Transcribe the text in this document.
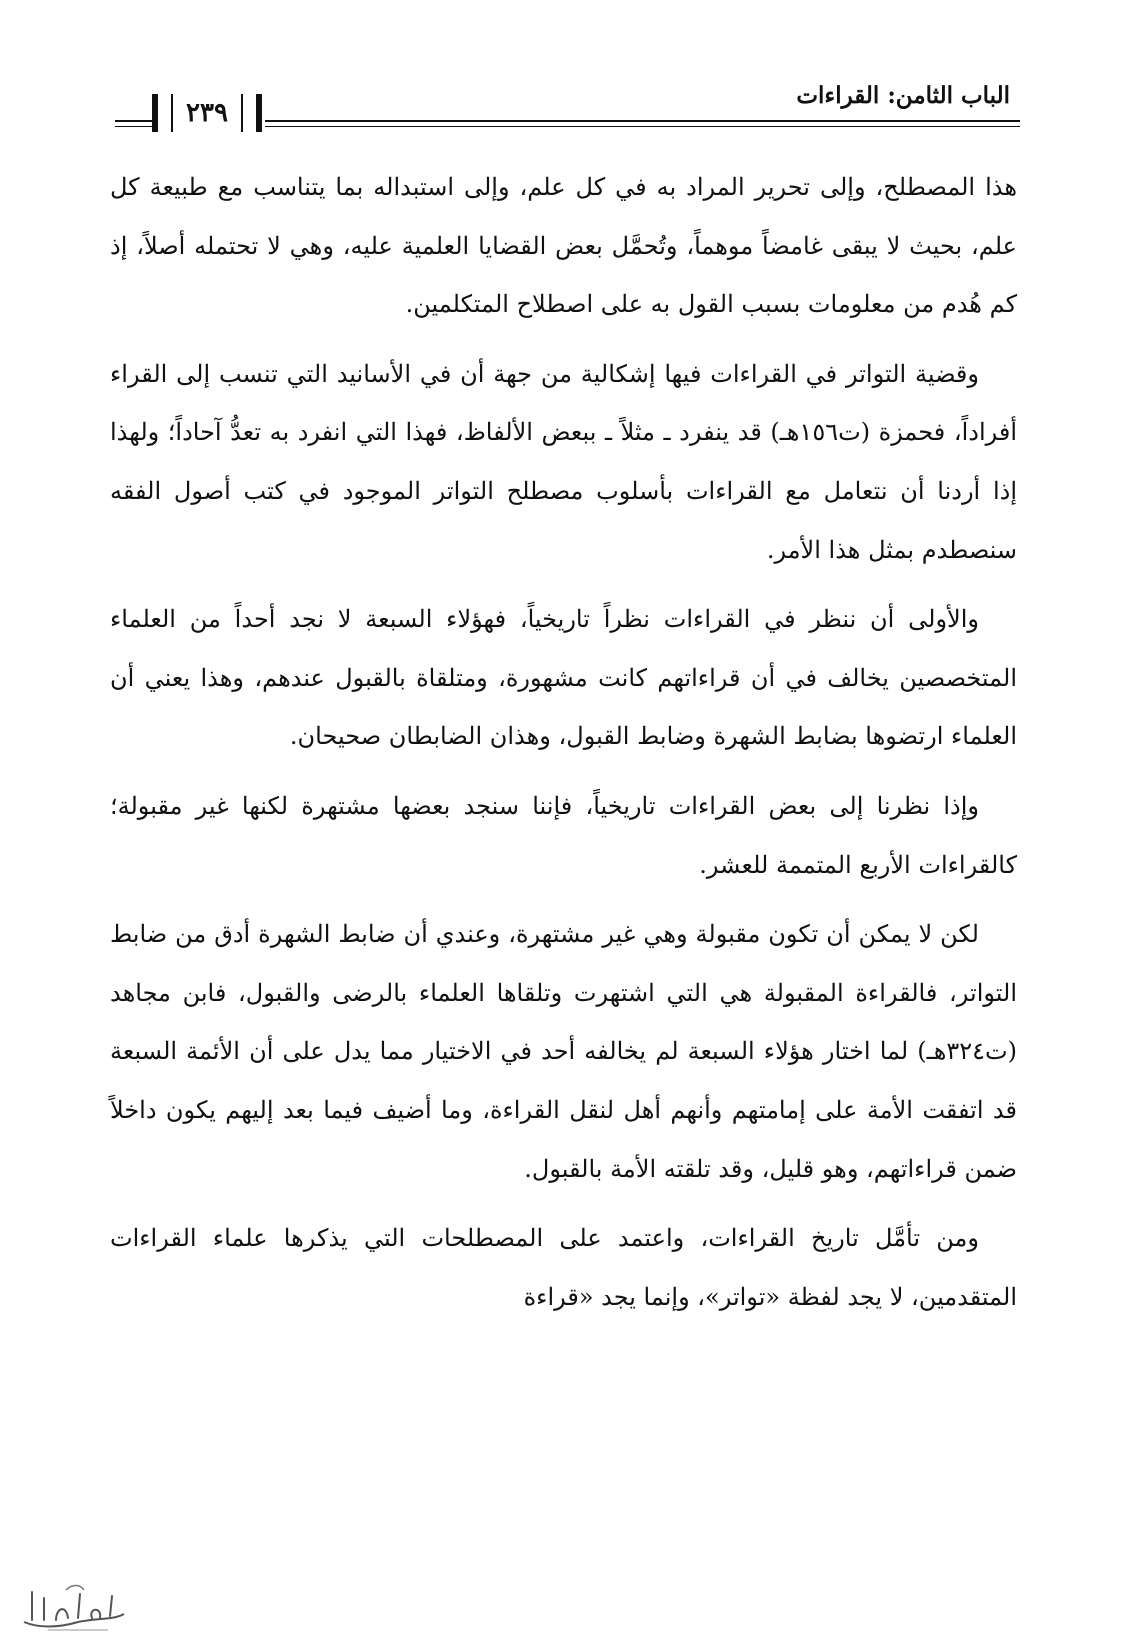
الباب الثامن: القراءات
٢٣٩

هذا المصطلح، وإلى تحرير المراد به في كل علم، وإلى استبداله بما يتناسب مع طبيعة كل علم، بحيث لا يبقى غامضاً موهماً، وتُحمَّل بعض القضايا العلمية عليه، وهي لا تحتمله أصلاً، إذ كم هُدم من معلومات بسبب القول به على اصطلاح المتكلمين.

وقضية التواتر في القراءات فيها إشكالية من جهة أن في الأسانيد التي تنسب إلى القراء أفراداً، فحمزة (ت١٥٦هـ) قد ينفرد ـ مثلاً ـ ببعض الألفاظ، فهذا التي انفرد به تعدُّ آحاداً؛ ولهذا إذا أردنا أن نتعامل مع القراءات بأسلوب مصطلح التواتر الموجود في كتب أصول الفقه سنصطدم بمثل هذا الأمر.

والأولى أن ننظر في القراءات نظراً تاريخياً، فهؤلاء السبعة لا نجد أحداً من العلماء المتخصصين يخالف في أن قراءاتهم كانت مشهورة، ومتلقاة بالقبول عندهم، وهذا يعني أن العلماء ارتضوها بضابط الشهرة وضابط القبول، وهذان الضابطان صحيحان.

وإذا نظرنا إلى بعض القراءات تاريخياً، فإننا سنجد بعضها مشتهرة لكنها غير مقبولة؛ كالقراءات الأربع المتممة للعشر.

لكن لا يمكن أن تكون مقبولة وهي غير مشتهرة، وعندي أن ضابط الشهرة أدق من ضابط التواتر، فالقراءة المقبولة هي التي اشتهرت وتلقاها العلماء بالرضى والقبول، فابن مجاهد (ت٣٢٤هـ) لما اختار هؤلاء السبعة لم يخالفه أحد في الاختيار مما يدل على أن الأئمة السبعة قد اتفقت الأمة على إمامتهم وأنهم أهل لنقل القراءة، وما أضيف فيما بعد إليهم يكون داخلاً ضمن قراءاتهم، وهو قليل، وقد تلقته الأمة بالقبول.

ومن تأمَّل تاريخ القراءات، واعتمد على المصطلحات التي يذكرها علماء القراءات المتقدمين، لا يجد لفظة «تواتر»، وإنما يجد «قراءة
